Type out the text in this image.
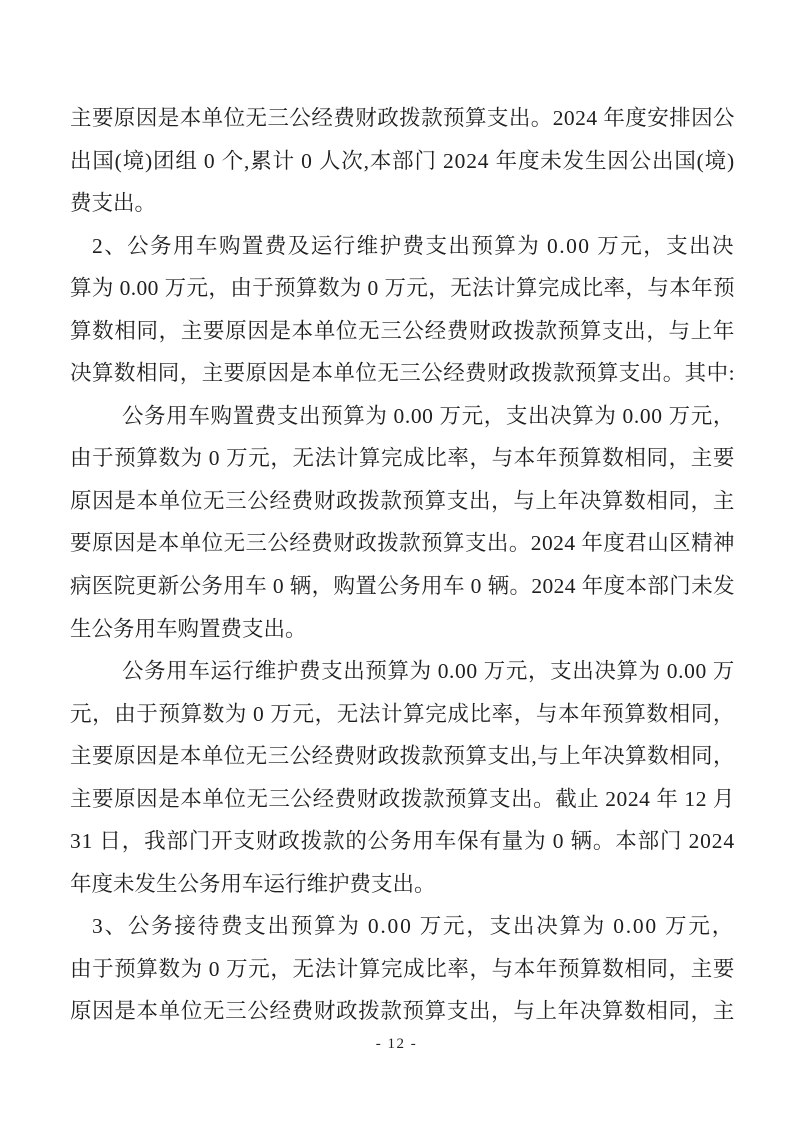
主要原因是本单位无三公经费财政拨款预算支出。2024 年度安排因公
出国(境)团组 0 个,累计 0 人次,本部门 2024 年度未发生因公出国(境)
费支出。
2、公务用车购置费及运行维护费支出预算为 0.00 万元，支出决
算为 0.00 万元，由于预算数为 0 万元，无法计算完成比率，与本年预
算数相同，主要原因是本单位无三公经费财政拨款预算支出，与上年
决算数相同，主要原因是本单位无三公经费财政拨款预算支出。其中:
公务用车购置费支出预算为 0.00 万元，支出决算为 0.00 万元，
由于预算数为 0 万元，无法计算完成比率，与本年预算数相同，主要
原因是本单位无三公经费财政拨款预算支出，与上年决算数相同，主
要原因是本单位无三公经费财政拨款预算支出。2024 年度君山区精神
病医院更新公务用车 0 辆，购置公务用车 0 辆。2024 年度本部门未发
生公务用车购置费支出。
公务用车运行维护费支出预算为 0.00 万元，支出决算为 0.00 万
元，由于预算数为 0 万元，无法计算完成比率，与本年预算数相同，
主要原因是本单位无三公经费财政拨款预算支出,与上年决算数相同，
主要原因是本单位无三公经费财政拨款预算支出。截止 2024 年 12 月
31 日，我部门开支财政拨款的公务用车保有量为 0 辆。本部门 2024
年度未发生公务用车运行维护费支出。
3、公务接待费支出预算为 0.00 万元，支出决算为 0.00 万元，
由于预算数为 0 万元，无法计算完成比率，与本年预算数相同，主要
原因是本单位无三公经费财政拨款预算支出，与上年决算数相同，主
- 12 -
